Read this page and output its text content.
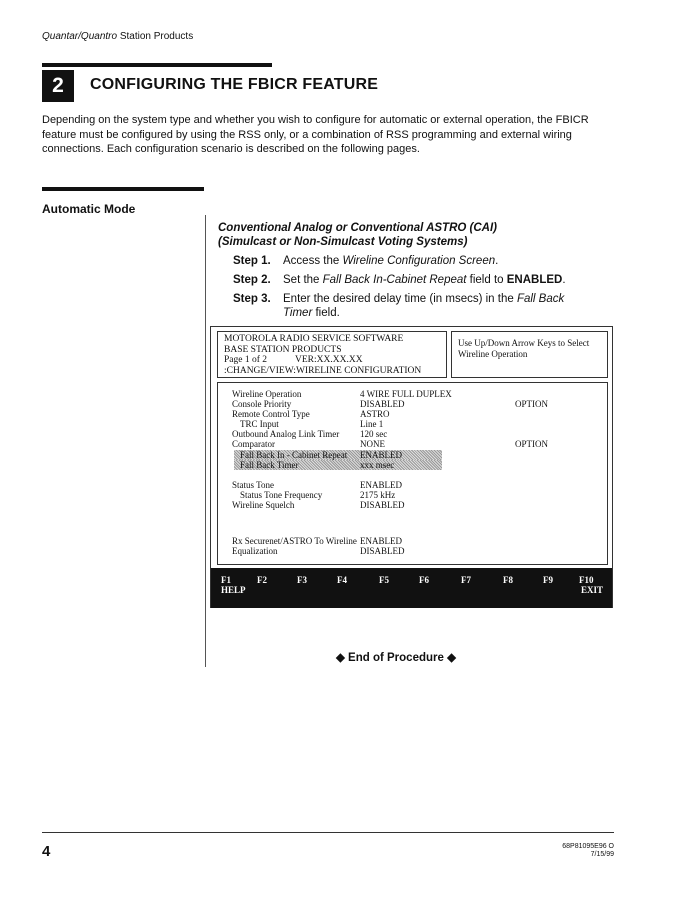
Quantar/Quantro Station Products
2	CONFIGURING THE FBICR FEATURE
Depending on the system type and whether you wish to configure for automatic or external operation, the FBICR feature must be configured by using the RSS only, or a combination of RSS programming and external wiring connections. Each configuration scenario is described on the following pages.
Automatic Mode
Conventional Analog or Conventional ASTRO (CAI)
(Simulcast or Non-Simulcast Voting Systems)
Step 1. Access the Wireline Configuration Screen.
Step 2. Set the Fall Back In-Cabinet Repeat field to ENABLED.
Step 3. Enter the desired delay time (in msecs) in the Fall Back
Timer field.
MOTOROLA RADIO SERVICE SOFTWARE
BASE STATION PRODUCTS
Page 1 of 2	VER:XX.XX.XX
:CHANGE/VIEW:WIRELINE CONFIGURATION
Use Up/Down Arrow Keys to Select
Wireline Operation
Wireline Operation	4 WIRE FULL DUPLEX
Console Priority	DISABLED	OPTION
Remote Control Type	ASTRO
TRC Input	Line 1
Outbound Analog Link Timer 120 sec
Comparator	NONE	OPTION
Fall Back In - Cabinet Repeat ENABLED
Fall Back Timer	xxx msec
Status Tone	ENABLED
Status Tone Frequency	2175 kHz
Wireline Squelch	DISABLED
Rx Securenet/ASTRO To Wireline ENABLED
Equalization	DISABLED
F1	F2	F3	F4	F5	F6	F7	F8	F9	F10
HELP	EXIT
◆ End of Procedure ◆
4	68P81095E96 O
7/15/99
